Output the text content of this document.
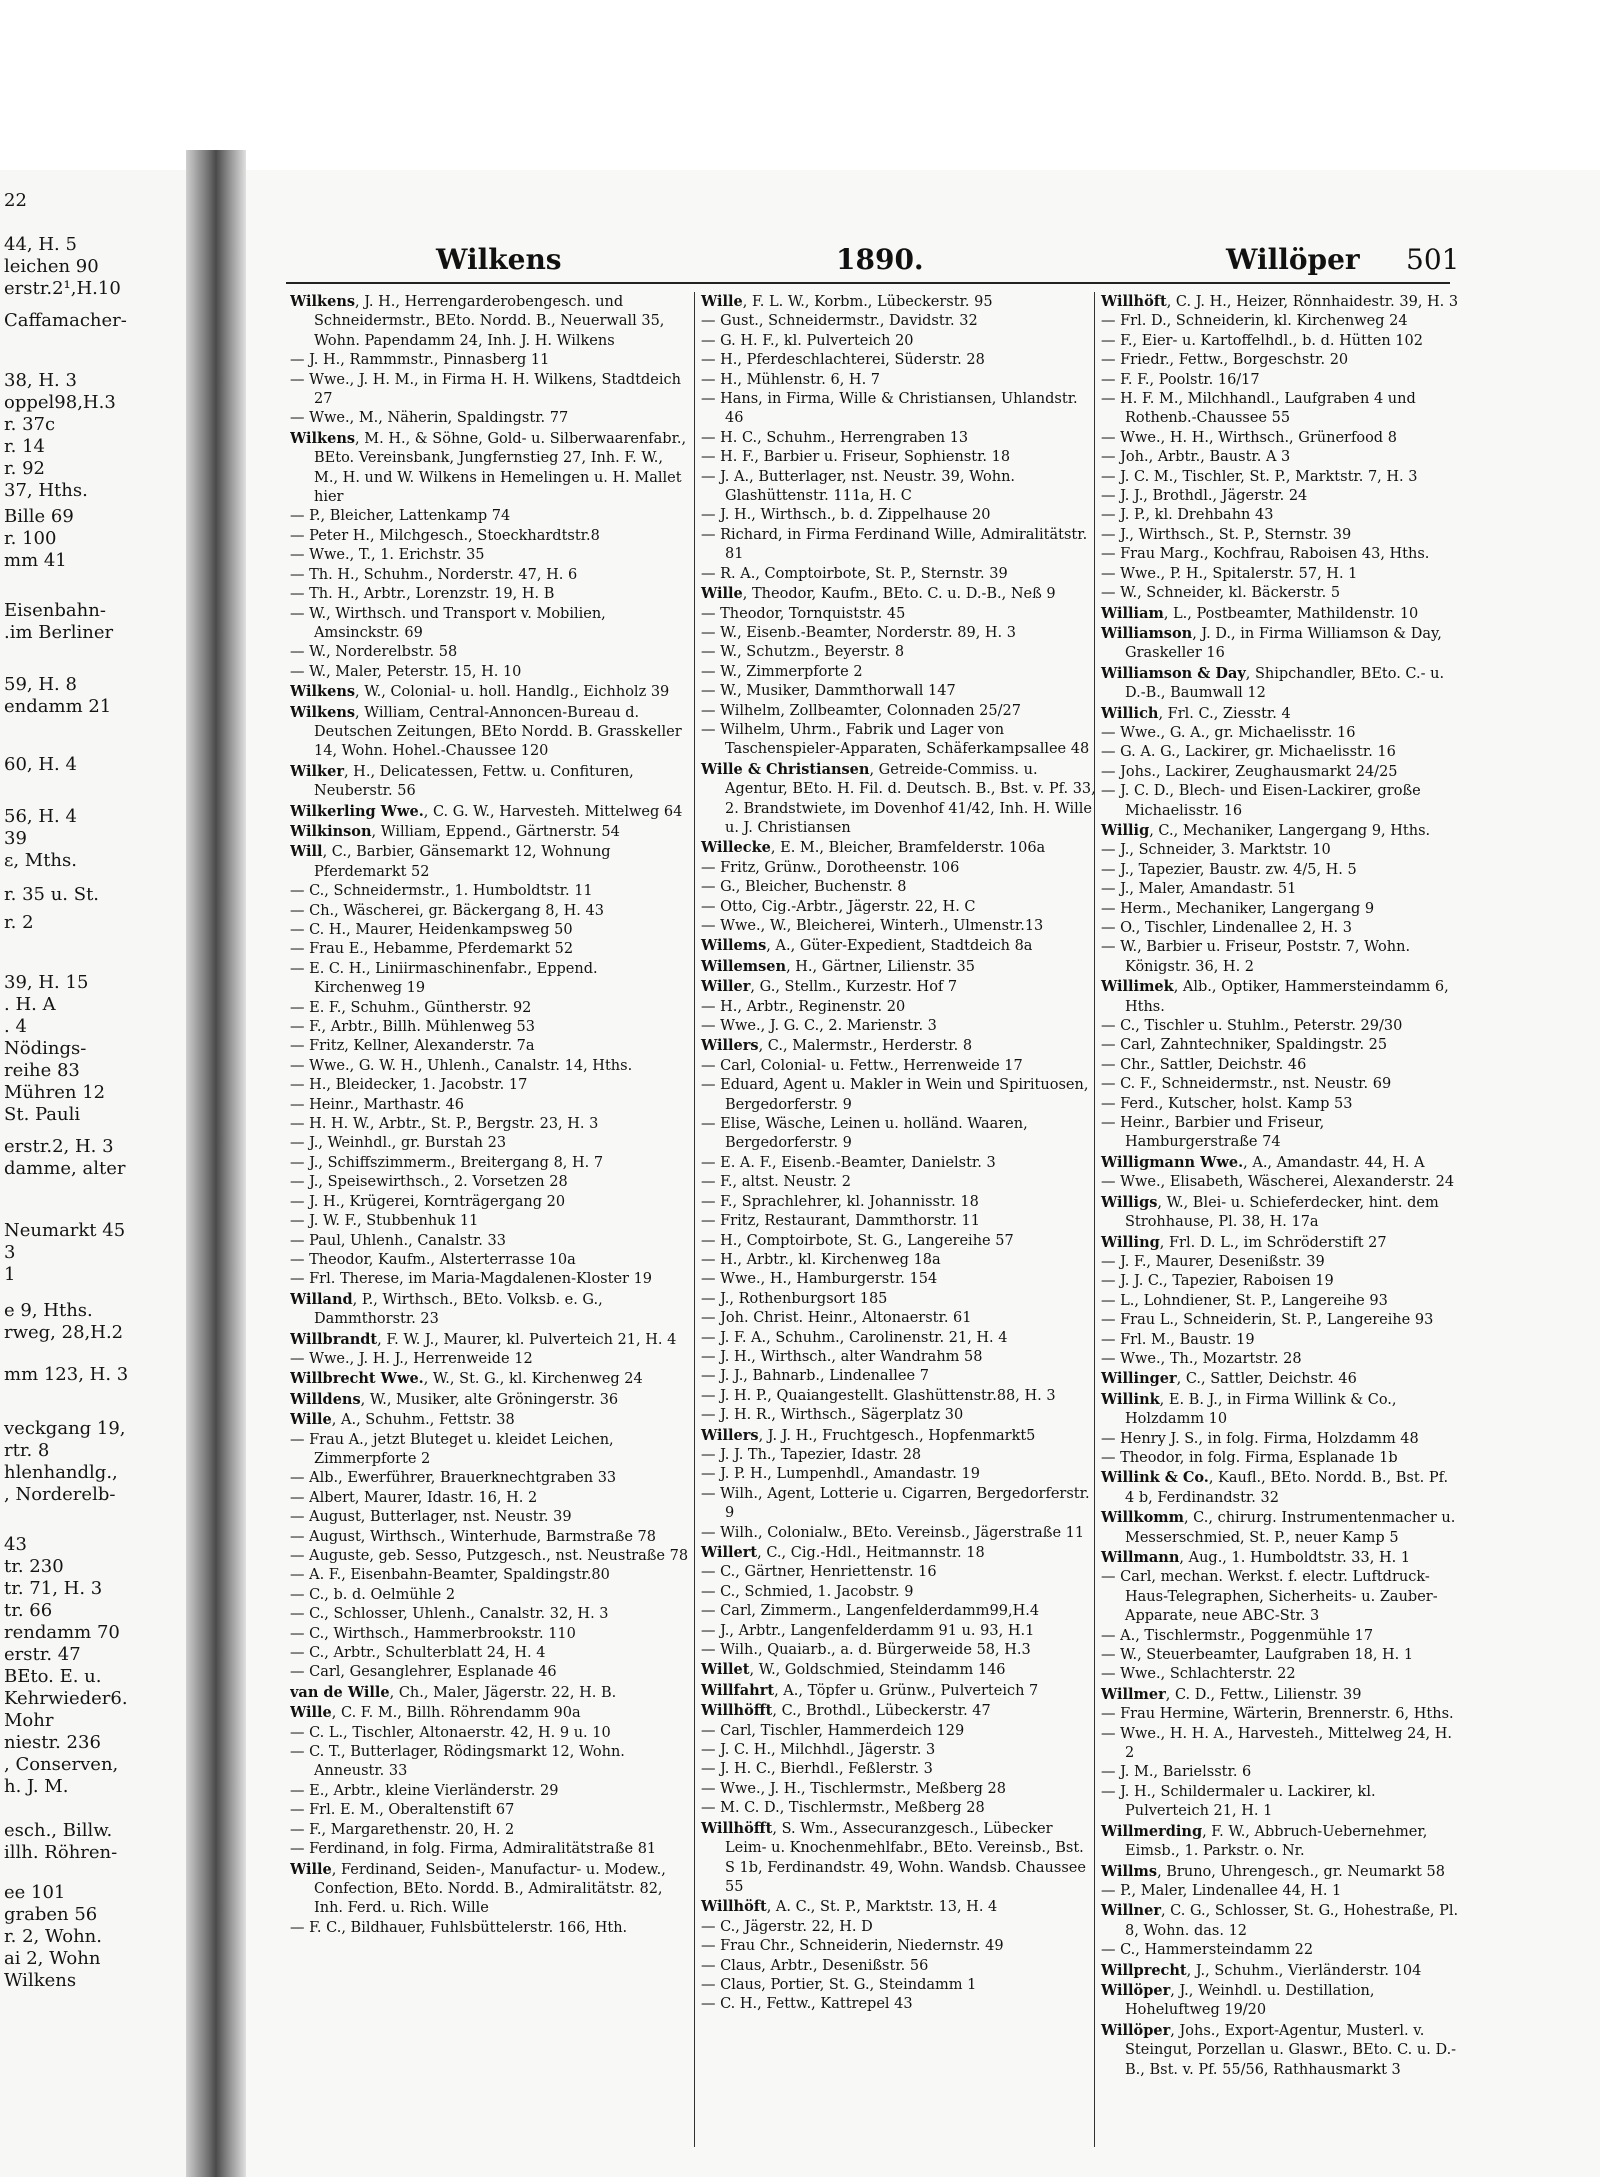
22
44, H. 5
leichen 90
erstr.2¹,H.10
Caffamacher-
38, H. 3
oppel98,H.3
r. 37c
r. 14
r. 92
37, Hths.
Bille 69
r. 100
mm 41
Eisenbahn-
.im Berliner
59, H. 8
endamm 21
60, H. 4
56, H. 4
39
ε, Mths.
r. 35 u. St.
r. 2
39, H. 15
. H. A
. 4
Nödings-
reihe 83
Mühren 12
St. Pauli
erstr.2, H. 3
damme, alter
Neumarkt 45
3
1
e 9, Hths.
rweg, 28,H.2
mm 123, H. 3
veckgang 19,
rtr. 8
hlenhandlg.,
, Norderelb-
43
tr. 230
tr. 71, H. 3
tr. 66
rendamm 70
erstr. 47
BEto. E. u.
Kehrwieder6.
Mohr
niestr. 236
, Conserven,
h. J. M.
esch., Billw.
illh. Röhren-
ee 101
graben 56
r. 2, Wohn.
ai 2, Wohn
Wilkens
Wilkens	1890.	Willöper 501
Wilkens, J. H., Herrengarderobengesch. und Schneidermstr., BEto. Nordd. B., Neuerwall 35, Wohn. Papendamm 24, Inh. J. H. Wilkens
— J. H., Rammmstr., Pinnasberg 11
— Wwe., J. H. M., in Firma H. H. Wilkens, Stadtdeich 27
— Wwe., M., Näherin, Spaldingstr. 77
Wilkens, M. H., & Söhne, Gold- u. Silberwaarenfabr., BEto. Vereinsbank, Jungfernstieg 27, Inh. F. W., M., H. und W. Wilkens in Hemelingen u. H. Mallet hier
— P., Bleicher, Lattenkamp 74
— Peter H., Milchgesch., Stoeckhardtstr.8
— Wwe., T., 1. Erichstr. 35
— Th. H., Schuhm., Norderstr. 47, H. 6
— Th. H., Arbtr., Lorenzstr. 19, H. B
— W., Wirthsch. und Transport v. Mobilien, Amsinckstr. 69
— W., Norderelbstr. 58
— W., Maler, Peterstr. 15, H. 10
Wilkens, W., Colonial- u. holl. Handlg., Eichholz 39
Wilkens, William, Central-Annoncen-Bureau d. Deutschen Zeitungen, BEto Nordd. B. Grasskeller 14, Wohn. Hohel.-Chaussee 120
Wilker, H., Delicatessen, Fettw. u. Confituren, Neuberstr. 56
Wilkerling Wwe., C. G. W., Harvesteh. Mittelweg 64
Wilkinson, William, Eppend., Gärtnerstr. 54
Will, C., Barbier, Gänsemarkt 12, Wohnung Pferdemarkt 52
— C., Schneidermstr., 1. Humboldtstr. 11
— Ch., Wäscherei, gr. Bäckergang 8, H. 43
— C. H., Maurer, Heidenkampsweg 50
— Frau E., Hebamme, Pferdemarkt 52
— E. C. H., Liniirmaschinenfabr., Eppend. Kirchenweg 19
— E. F., Schuhm., Güntherstr. 92
— F., Arbtr., Billh. Mühlenweg 53
— Fritz, Kellner, Alexanderstr. 7a
— Wwe., G. W. H., Uhlenh., Canalstr. 14, Hths.
— H., Bleidecker, 1. Jacobstr. 17
— Heinr., Marthastr. 46
— H. H. W., Arbtr., St. P., Bergstr. 23, H. 3
— J., Weinhdl., gr. Burstah 23
— J., Schiffszimmerm., Breitergang 8, H. 7
— J., Speisewirthsch., 2. Vorsetzen 28
— J. H., Krügerei, Kornträgergang 20
— J. W. F., Stubbenhuk 11
— Paul, Uhlenh., Canalstr. 33
— Theodor, Kaufm., Alsterterrasse 10a
— Frl. Therese, im Maria-Magdalenen-Kloster 19
Willand, P., Wirthsch., BEto. Volksb. e. G., Dammthorstr. 23
Willbrandt, F. W. J., Maurer, kl. Pulverteich 21, H. 4
— Wwe., J. H. J., Herrenweide 12
Willbrecht Wwe., W., St. G., kl. Kirchenweg 24
Willdens, W., Musiker, alte Gröningerstr. 36
Wille, A., Schuhm., Fettstr. 38
— Frau A., jetzt Bluteget u. kleidet Leichen, Zimmerpforte 2
— Alb., Ewerführer, Brauerknechtgraben 33
— Albert, Maurer, Idastr. 16, H. 2
— August, Butterlager, nst. Neustr. 39
— August, Wirthsch., Winterhude, Barmstraße 78
— Auguste, geb. Sesso, Putzgesch., nst. Neustraße 78
— A. F., Eisenbahn-Beamter, Spaldingstr.80
— C., b. d. Oelmühle 2
— C., Schlosser, Uhlenh., Canalstr. 32, H. 3
— C., Wirthsch., Hammerbrookstr. 110
— C., Arbtr., Schulterblatt 24, H. 4
— Carl, Gesanglehrer, Esplanade 46
van de Wille, Ch., Maler, Jägerstr. 22, H. B.
Wille, C. F. M., Billh. Röhrendamm 90a
— C. L., Tischler, Altonaerstr. 42, H. 9 u. 10
— C. T., Butterlager, Rödingsmarkt 12, Wohn. Anneustr. 33
— E., Arbtr., kleine Vierländerstr. 29
— Frl. E. M., Oberaltenstift 67
— F., Margarethenstr. 20, H. 2
— Ferdinand, in folg. Firma, Admiralitätstraße 81
Wille, Ferdinand, Seiden-, Manufactur- u. Modew., Confection, BEto. Nordd. B., Admiralitätstr. 82, Inh. Ferd. u. Rich. Wille
— F. C., Bildhauer, Fuhlsbüttelerstr. 166, Hth.
Wille, F. L. W., Korbm., Lübeckerstr. 95
— Gust., Schneidermstr., Davidstr. 32
— G. H. F., kl. Pulverteich 20
— H., Pferdeschlachterei, Süderstr. 28
— H., Mühlenstr. 6, H. 7
— Hans, in Firma, Wille & Christiansen, Uhlandstr. 46
— H. C., Schuhm., Herrengraben 13
— H. F., Barbier u. Friseur, Sophienstr. 18
— J. A., Butterlager, nst. Neustr. 39, Wohn. Glashüttenstr. 111a, H. C
— J. H., Wirthsch., b. d. Zippelhause 20
— Richard, in Firma Ferdinand Wille, Admiralitätstr. 81
— R. A., Comptoirbote, St. P., Sternstr. 39
Wille, Theodor, Kaufm., BEto. C. u. D.-B., Neß 9
— Theodor, Tornquiststr. 45
— W., Eisenb.-Beamter, Norderstr. 89, H. 3
— W., Schutzm., Beyerstr. 8
— W., Zimmerpforte 2
— W., Musiker, Dammthorwall 147
— Wilhelm, Zollbeamter, Colonnaden 25/27
— Wilhelm, Uhrm., Fabrik und Lager von Taschenspieler-Apparaten, Schäferkampsallee 48
Wille & Christiansen, Getreide-Commiss. u. Agentur, BEto. H. Fil. d. Deutsch. B., Bst. v. Pf. 33, 2. Brandstwiete, im Dovenhof 41/42, Inh. H. Wille u. J. Christiansen
Willecke, E. M., Bleicher, Bramfelderstr. 106a
— Fritz, Grünw., Dorotheenstr. 106
— G., Bleicher, Buchenstr. 8
— Otto, Cig.-Arbtr., Jägerstr. 22, H. C
— Wwe., W., Bleicherei, Winterh., Ulmenstr.13
Willems, A., Güter-Expedient, Stadtdeich 8a
Willemsen, H., Gärtner, Lilienstr. 35
Willer, G., Stellm., Kurzestr. Hof 7
— H., Arbtr., Reginenstr. 20
— Wwe., J. G. C., 2. Marienstr. 3
Willers, C., Malermstr., Herderstr. 8
— Carl, Colonial- u. Fettw., Herrenweide 17
— Eduard, Agent u. Makler in Wein und Spirituosen, Bergedorferstr. 9
— Elise, Wäsche, Leinen u. holländ. Waaren, Bergedorferstr. 9
— E. A. F., Eisenb.-Beamter, Danielstr. 3
— F., altst. Neustr. 2
— F., Sprachlehrer, kl. Johannisstr. 18
— Fritz, Restaurant, Dammthorstr. 11
— H., Comptoirbote, St. G., Langereihe 57
— H., Arbtr., kl. Kirchenweg 18a
— Wwe., H., Hamburgerstr. 154
— J., Rothenburgsort 185
— Joh. Christ. Heinr., Altonaerstr. 61
— J. F. A., Schuhm., Carolinenstr. 21, H. 4
— J. H., Wirthsch., alter Wandrahm 58
— J. J., Bahnarb., Lindenallee 7
— J. H. P., Quaiangestellt. Glashüttenstr.88, H. 3
— J. H. R., Wirthsch., Sägerplatz 30
Willers, J. J. H., Fruchtgesch., Hopfenmarkt5
— J. J. Th., Tapezier, Idastr. 28
— J. P. H., Lumpenhdl., Amandastr. 19
— Wilh., Agent, Lotterie u. Cigarren, Bergedorferstr. 9
— Wilh., Colonialw., BEto. Vereinsb., Jägerstraße 11
Willert, C., Cig.-Hdl., Heitmannstr. 18
— C., Gärtner, Henriettenstr. 16
— C., Schmied, 1. Jacobstr. 9
— Carl, Zimmerm., Langenfelderdamm99,H.4
— J., Arbtr., Langenfelderdamm 91 u. 93, H.1
— Wilh., Quaiarb., a. d. Bürgerweide 58, H.3
Willet, W., Goldschmied, Steindamm 146
Willfahrt, A., Töpfer u. Grünw., Pulverteich 7
Willhöfft, C., Brothdl., Lübeckerstr. 47
— Carl, Tischler, Hammerdeich 129
— J. C. H., Milchhdl., Jägerstr. 3
— J. H. C., Bierhdl., Feßlerstr. 3
— Wwe., J. H., Tischlermstr., Meßberg 28
— M. C. D., Tischlermstr., Meßberg 28
Willhöfft, S. Wm., Assecuranzgesch., Lübecker Leim- u. Knochenmehlfabr., BEto. Vereinsb., Bst. S 1b, Ferdinandstr. 49, Wohn. Wandsb. Chaussee 55
Willhöft, A. C., St. P., Marktstr. 13, H. 4
— C., Jägerstr. 22, H. D
— Frau Chr., Schneiderin, Niedernstr. 49
— Claus, Arbtr., Desenißstr. 56
— Claus, Portier, St. G., Steindamm 1
— C. H., Fettw., Kattrepel 43
Willhöft, C. J. H., Heizer, Rönnhaidestr. 39, H. 3
— Frl. D., Schneiderin, kl. Kirchenweg 24
— F., Eier- u. Kartoffelhdl., b. d. Hütten 102
— Friedr., Fettw., Borgeschstr. 20
— F. F., Poolstr. 16/17
— H. F. M., Milchhandl., Laufgraben 4 und Rothenb.-Chaussee 55
— Wwe., H. H., Wirthsch., Grünerfood 8
— Joh., Arbtr., Baustr. A 3
— J. C. M., Tischler, St. P., Marktstr. 7, H. 3
— J. J., Brothdl., Jägerstr. 24
— J. P., kl. Drehbahn 43
— J., Wirthsch., St. P., Sternstr. 39
— Frau Marg., Kochfrau, Raboisen 43, Hths.
— Wwe., P. H., Spitalerstr. 57, H. 1
— W., Schneider, kl. Bäckerstr. 5
William, L., Postbeamter, Mathildenstr. 10
Williamson, J. D., in Firma Williamson & Day, Graskeller 16
Williamson & Day, Shipchandler, BEto. C.- u. D.-B., Baumwall 12
Willich, Frl. C., Ziesstr. 4
— Wwe., G. A., gr. Michaelisstr. 16
— G. A. G., Lackirer, gr. Michaelisstr. 16
— Johs., Lackirer, Zeughausmarkt 24/25
— J. C. D., Blech- und Eisen-Lackirer, große Michaelisstr. 16
Willig, C., Mechaniker, Langergang 9, Hths.
— J., Schneider, 3. Marktstr. 10
— J., Tapezier, Baustr. zw. 4/5, H. 5
— J., Maler, Amandastr. 51
— Herm., Mechaniker, Langergang 9
— O., Tischler, Lindenallee 2, H. 3
— W., Barbier u. Friseur, Poststr. 7, Wohn. Königstr. 36, H. 2
Willimek, Alb., Optiker, Hammersteindamm 6, Hths.
— C., Tischler u. Stuhlm., Peterstr. 29/30
— Carl, Zahntechniker, Spaldingstr. 25
— Chr., Sattler, Deichstr. 46
— C. F., Schneidermstr., nst. Neustr. 69
— Ferd., Kutscher, holst. Kamp 53
— Heinr., Barbier und Friseur, Hamburgerstraße 74
Willigmann Wwe., A., Amandastr. 44, H. A
— Wwe., Elisabeth, Wäscherei, Alexanderstr. 24
Willigs, W., Blei- u. Schieferdecker, hint. dem Strohhause, Pl. 38, H. 17a
Willing, Frl. D. L., im Schröderstift 27
— J. F., Maurer, Desenißstr. 39
— J. J. C., Tapezier, Raboisen 19
— L., Lohndiener, St. P., Langereihe 93
— Frau L., Schneiderin, St. P., Langereihe 93
— Frl. M., Baustr. 19
— Wwe., Th., Mozartstr. 28
Willinger, C., Sattler, Deichstr. 46
Willink, E. B. J., in Firma Willink & Co., Holzdamm 10
— Henry J. S., in folg. Firma, Holzdamm 48
— Theodor, in folg. Firma, Esplanade 1b
Willink & Co., Kaufl., BEto. Nordd. B., Bst. Pf. 4 b, Ferdinandstr. 32
Willkomm, C., chirurg. Instrumentenmacher u. Messerschmied, St. P., neuer Kamp 5
Willmann, Aug., 1. Humboldtstr. 33, H. 1
— Carl, mechan. Werkst. f. electr. Luftdruck-Haus-Telegraphen, Sicherheits- u. Zauber-Apparate, neue ABC-Str. 3
— A., Tischlermstr., Poggenmühle 17
— W., Steuerbeamter, Laufgraben 18, H. 1
— Wwe., Schlachterstr. 22
Willmer, C. D., Fettw., Lilienstr. 39
— Frau Hermine, Wärterin, Brennerstr. 6, Hths.
— Wwe., H. H. A., Harvesteh., Mittelweg 24, H. 2
— J. M., Barielsstr. 6
— J. H., Schildermaler u. Lackirer, kl. Pulverteich 21, H. 1
Willmerding, F. W., Abbruch-Uebernehmer, Eimsb., 1. Parkstr. o. Nr.
Willms, Bruno, Uhrengesch., gr. Neumarkt 58
— P., Maler, Lindenallee 44, H. 1
Willner, C. G., Schlosser, St. G., Hohestraße, Pl. 8, Wohn. das. 12
— C., Hammersteindamm 22
Willprecht, J., Schuhm., Vierländerstr. 104
Willöper, J., Weinhdl. u. Destillation, Hoheluftweg 19/20
Willöper, Johs., Export-Agentur, Musterl. v. Steingut, Porzellan u. Glaswr., BEto. C. u. D.-B., Bst. v. Pf. 55/56, Rathhausmarkt 3
